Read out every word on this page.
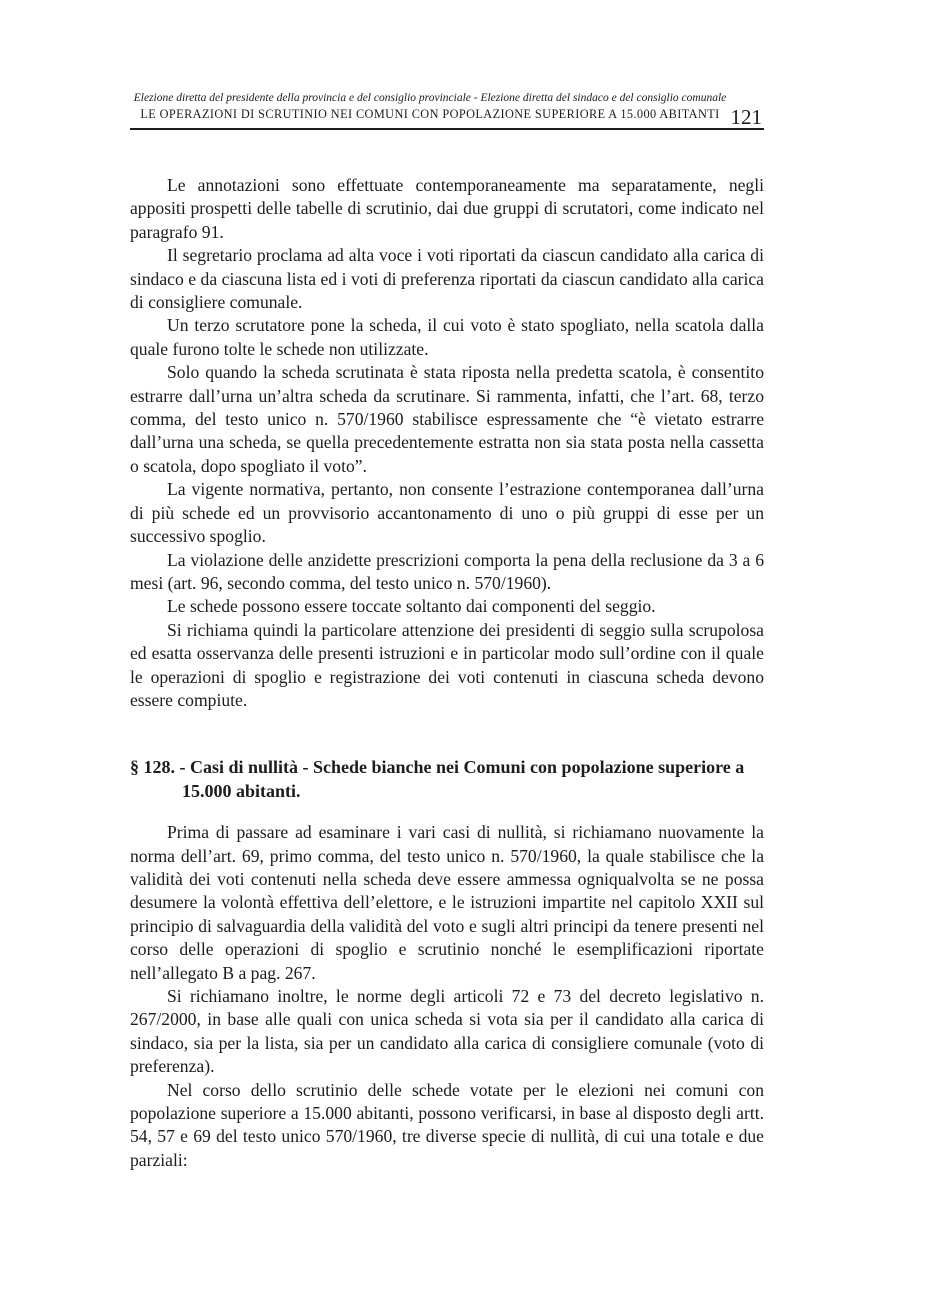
Elezione diretta del presidente della provincia e del consiglio provinciale - Elezione diretta del sindaco e del consiglio comunale
LE OPERAZIONI DI SCRUTINIO NEI COMUNI CON POPOLAZIONE SUPERIORE A 15.000 ABITANTI 121

Le annotazioni sono effettuate contemporaneamente ma separatamente, negli appositi prospetti delle tabelle di scrutinio, dai due gruppi di scrutatori, come indicato nel paragrafo 91.

Il segretario proclama ad alta voce i voti riportati da ciascun candidato alla carica di sindaco e da ciascuna lista ed i voti di preferenza riportati da ciascun candidato alla carica di consigliere comunale.

Un terzo scrutatore pone la scheda, il cui voto è stato spogliato, nella scatola dalla quale furono tolte le schede non utilizzate.

Solo quando la scheda scrutinata è stata riposta nella predetta scatola, è consentito estrarre dall’urna un’altra scheda da scrutinare. Si rammenta, infatti, che l’art. 68, terzo comma, del testo unico n. 570/1960 stabilisce espressamente che “è vietato estrarre dall’urna una scheda, se quella precedentemente estratta non sia stata posta nella cassetta o scatola, dopo spogliato il voto”.

La vigente normativa, pertanto, non consente l’estrazione contemporanea dall’urna di più schede ed un provvisorio accantonamento di uno o più gruppi di esse per un successivo spoglio.

La violazione delle anzidette prescrizioni comporta la pena della reclusione da 3 a 6 mesi (art. 96, secondo comma, del testo unico n. 570/1960).

Le schede possono essere toccate soltanto dai componenti del seggio.

Si richiama quindi la particolare attenzione dei presidenti di seggio sulla scrupolosa ed esatta osservanza delle presenti istruzioni e in particolar modo sull’ordine con il quale le operazioni di spoglio e registrazione dei voti contenuti in ciascuna scheda devono essere compiute.

§ 128. - Casi di nullità - Schede bianche nei Comuni con popolazione superiore a 15.000 abitanti.

Prima di passare ad esaminare i vari casi di nullità, si richiamano nuovamente la norma dell’art. 69, primo comma, del testo unico n. 570/1960, la quale stabilisce che la validità dei voti contenuti nella scheda deve essere ammessa ogniqualvolta se ne possa desumere la volontà effettiva dell’elettore, e le istruzioni impartite nel capitolo XXII sul principio di salvaguardia della validità del voto e sugli altri principi da tenere presenti nel corso delle operazioni di spoglio e scrutinio nonché le esemplificazioni riportate nell’allegato B a pag. 267.

Si richiamano inoltre, le norme degli articoli 72 e 73 del decreto legislativo n. 267/2000, in base alle quali con unica scheda si vota sia per il candidato alla carica di sindaco, sia per la lista, sia per un candidato alla carica di consigliere comunale (voto di preferenza).

Nel corso dello scrutinio delle schede votate per le elezioni nei comuni con popolazione superiore a 15.000 abitanti, possono verificarsi, in base al disposto degli artt. 54, 57 e 69 del testo unico 570/1960, tre diverse specie di nullità, di cui una totale e due parziali:
